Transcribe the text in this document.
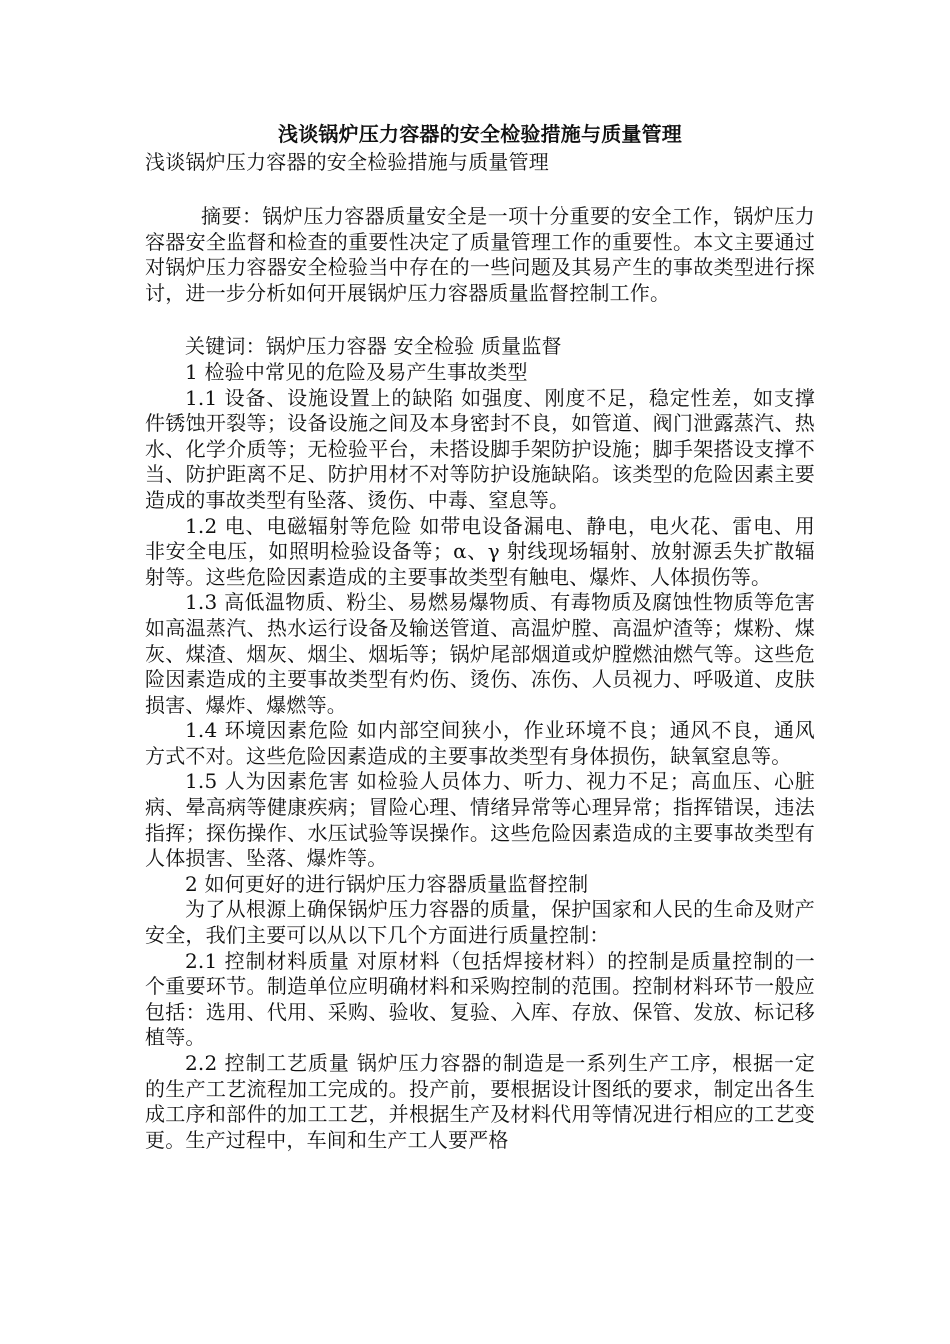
浅谈锅炉压力容器的安全检验措施与质量管理

浅谈锅炉压力容器的安全检验措施与质量管理

摘要：锅炉压力容器质量安全是一项十分重要的安全工作，锅炉压力容器安全监督和检查的重要性决定了质量管理工作的重要性。本文主要通过对锅炉压力容器安全检验当中存在的一些问题及其易产生的事故类型进行探讨，进一步分析如何开展锅炉压力容器质量监督控制工作。

关键词：锅炉压力容器 安全检验 质量监督

1 检验中常见的危险及易产生事故类型

1.1 设备、设施设置上的缺陷 如强度、刚度不足，稳定性差，如支撑件锈蚀开裂等；设备设施之间及本身密封不良，如管道、阀门泄露蒸汽、热水、化学介质等；无检验平台，未搭设脚手架防护设施；脚手架搭设支撑不当、防护距离不足、防护用材不对等防护设施缺陷。该类型的危险因素主要造成的事故类型有坠落、烫伤、中毒、窒息等。

1.2 电、电磁辐射等危险 如带电设备漏电、静电，电火花、雷电、用非安全电压，如照明检验设备等；α、γ 射线现场辐射、放射源丢失扩散辐射等。这些危险因素造成的主要事故类型有触电、爆炸、人体损伤等。

1.3 高低温物质、粉尘、易燃易爆物质、有毒物质及腐蚀性物质等危害 如高温蒸汽、热水运行设备及输送管道、高温炉膛、高温炉渣等；煤粉、煤灰、煤渣、烟灰、烟尘、烟垢等；锅炉尾部烟道或炉膛燃油燃气等。这些危险因素造成的主要事故类型有灼伤、烫伤、冻伤、人员视力、呼吸道、皮肤损害、爆炸、爆燃等。

1.4 环境因素危险 如内部空间狭小，作业环境不良；通风不良，通风方式不对。这些危险因素造成的主要事故类型有身体损伤，缺氧窒息等。

1.5 人为因素危害 如检验人员体力、听力、视力不足；高血压、心脏病、晕高病等健康疾病；冒险心理、情绪异常等心理异常；指挥错误，违法指挥；探伤操作、水压试验等误操作。这些危险因素造成的主要事故类型有人体损害、坠落、爆炸等。

2 如何更好的进行锅炉压力容器质量监督控制

为了从根源上确保锅炉压力容器的质量，保护国家和人民的生命及财产安全，我们主要可以从以下几个方面进行质量控制：

2.1 控制材料质量 对原材料（包括焊接材料）的控制是质量控制的一个重要环节。制造单位应明确材料和采购控制的范围。控制材料环节一般应包括：选用、代用、采购、验收、复验、入库、存放、保管、发放、标记移植等。

2.2 控制工艺质量 锅炉压力容器的制造是一系列生产工序，根据一定的生产工艺流程加工完成的。投产前，要根据设计图纸的要求，制定出各生成工序和部件的加工工艺，并根据生产及材料代用等情况进行相应的工艺变更。生产过程中，车间和生产工人要严格
